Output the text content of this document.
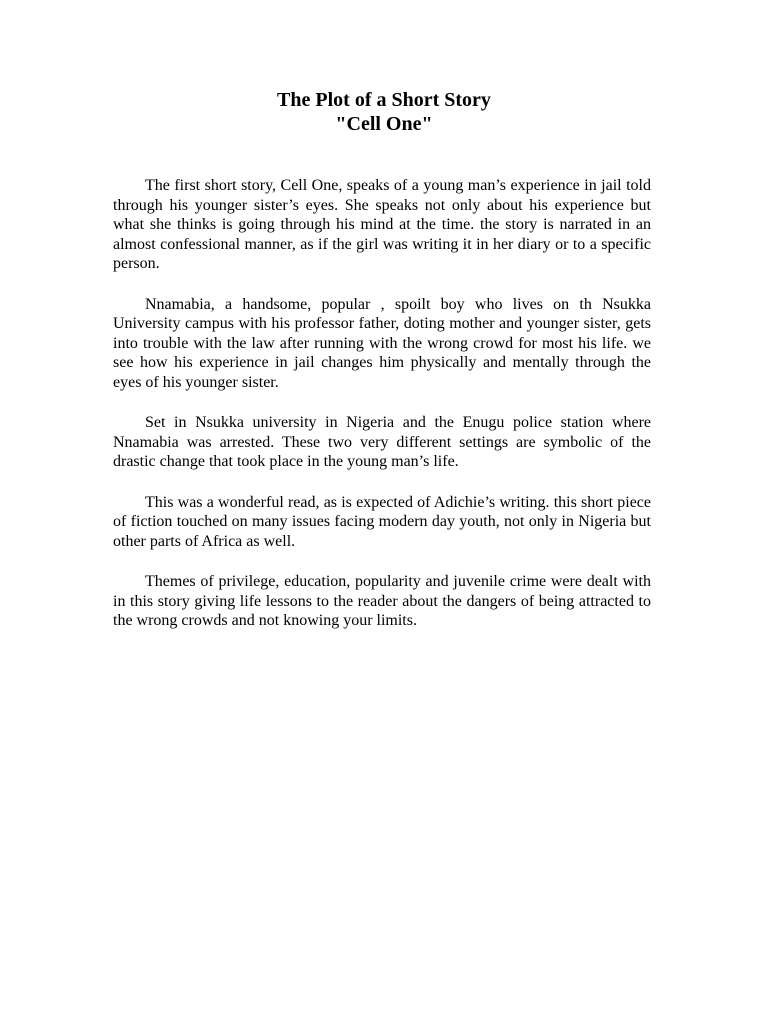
The Plot of a Short Story
"Cell One"

The first short story, Cell One, speaks of a young man’s experience in jail told through his younger sister’s eyes. She speaks not only about his experience but what she thinks is going through his mind at the time. the story is narrated in an almost confessional manner, as if the girl was writing it in her diary or to a specific person.

Nnamabia, a handsome, popular , spoilt boy who lives on th Nsukka University campus with his professor father, doting mother and younger sister, gets into trouble with the law after running with the wrong crowd for most his life. we see how his experience in jail changes him physically and mentally through the eyes of his younger sister.

Set in Nsukka university in Nigeria and the Enugu police station where Nnamabia was arrested. These two very different settings are symbolic of the drastic change that took place in the young man’s life.

This was a wonderful read, as is expected of Adichie’s writing. this short piece of fiction touched on many issues facing modern day youth, not only in Nigeria but other parts of Africa as well.

Themes of privilege, education, popularity and juvenile crime were dealt with in this story giving life lessons to the reader about the dangers of being attracted to the wrong crowds and not knowing your limits.
